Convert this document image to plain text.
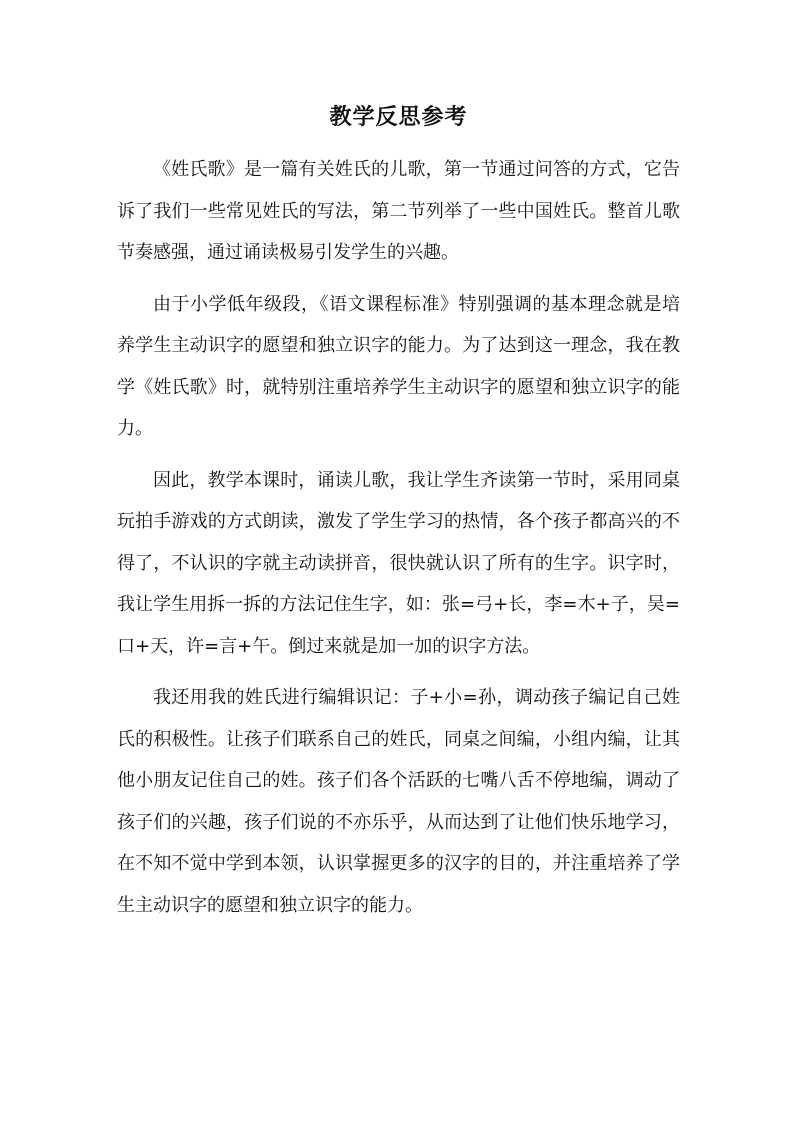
教学反思参考

《姓氏歌》是一篇有关姓氏的儿歌，第一节通过问答的方式，它告诉了我们一些常见姓氏的写法，第二节列举了一些中国姓氏。整首儿歌节奏感强，通过诵读极易引发学生的兴趣。

由于小学低年级段，《语文课程标准》特别强调的基本理念就是培养学生主动识字的愿望和独立识字的能力。为了达到这一理念，我在教学《姓氏歌》时，就特别注重培养学生主动识字的愿望和独立识字的能力。

因此，教学本课时，诵读儿歌，我让学生齐读第一节时，采用同桌玩拍手游戏的方式朗读，激发了学生学习的热情，各个孩子都高兴的不得了，不认识的字就主动读拼音，很快就认识了所有的生字。识字时，我让学生用拆一拆的方法记住生字，如：张=弓+长，李=木+子，吴=口+天，许=言+午。倒过来就是加一加的识字方法。

我还用我的姓氏进行编辑识记：子+小=孙，调动孩子编记自己姓氏的积极性。让孩子们联系自己的姓氏，同桌之间编，小组内编，让其他小朋友记住自己的姓。孩子们各个活跃的七嘴八舌不停地编，调动了孩子们的兴趣，孩子们说的不亦乐乎，从而达到了让他们快乐地学习，在不知不觉中学到本领，认识掌握更多的汉字的目的，并注重培养了学生主动识字的愿望和独立识字的能力。
